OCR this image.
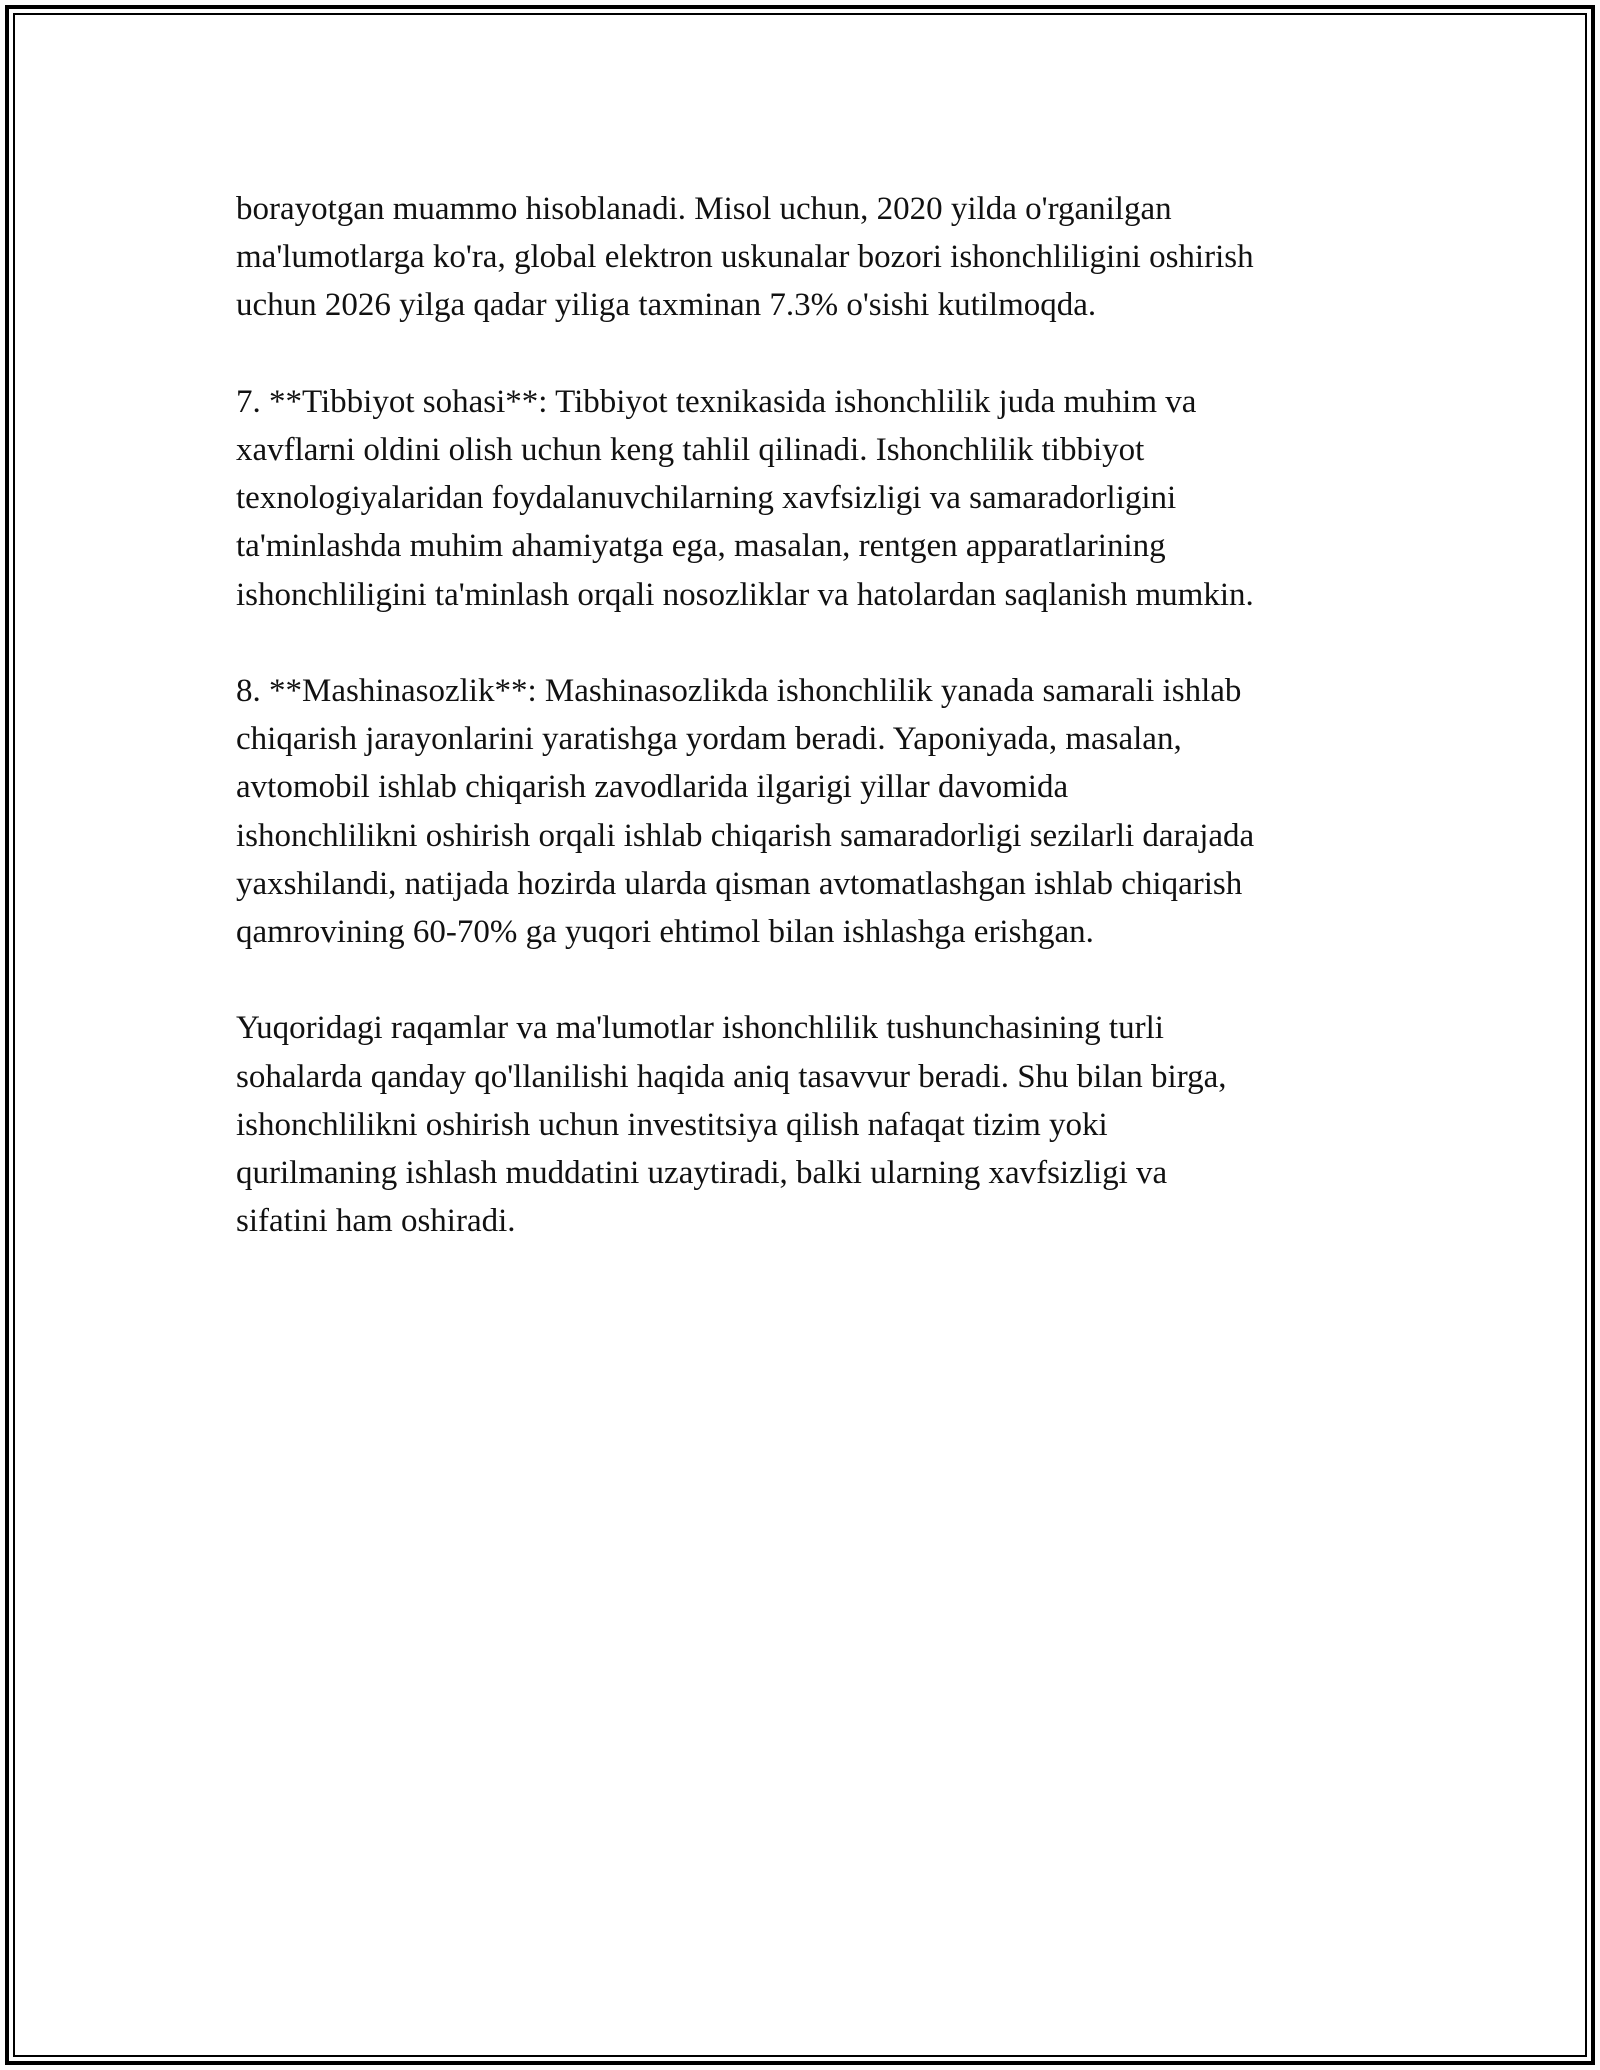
borayotgan muammo hisoblanadi. Misol uchun, 2020 yilda o'rganilgan
ma'lumotlarga ko'ra, global elektron uskunalar bozori ishonchliligini oshirish
uchun 2026 yilga qadar yiliga taxminan 7.3% o'sishi kutilmoqda.

7. **Tibbiyot sohasi**: Tibbiyot texnikasida ishonchlilik juda muhim va
xavflarni oldini olish uchun keng tahlil qilinadi. Ishonchlilik tibbiyot
texnologiyalaridan foydalanuvchilarning xavfsizligi va samaradorligini
ta'minlashda muhim ahamiyatga ega, masalan, rentgen apparatlarining
ishonchliligini ta'minlash orqali nosozliklar va hatolardan saqlanish mumkin.

8. **Mashinasozlik**: Mashinasozlikda ishonchlilik yanada samarali ishlab
chiqarish jarayonlarini yaratishga yordam beradi. Yaponiyada, masalan,
avtomobil ishlab chiqarish zavodlarida ilgarigi yillar davomida
ishonchlilikni oshirish orqali ishlab chiqarish samaradorligi sezilarli darajada
yaxshilandi, natijada hozirda ularda qisman avtomatlashgan ishlab chiqarish
qamrovining 60-70% ga yuqori ehtimol bilan ishlashga erishgan.

Yuqoridagi raqamlar va ma'lumotlar ishonchlilik tushunchasining turli
sohalarda qanday qo'llanilishi haqida aniq tasavvur beradi. Shu bilan birga,
ishonchlilikni oshirish uchun investitsiya qilish nafaqat tizim yoki
qurilmaning ishlash muddatini uzaytiradi, balki ularning xavfsizligi va
sifatini ham oshiradi.
